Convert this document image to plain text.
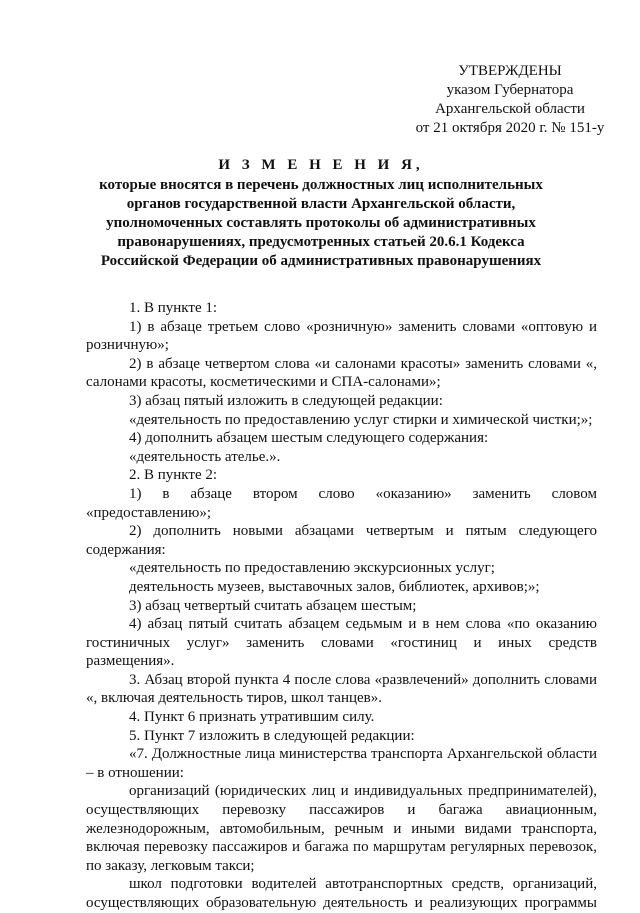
УТВЕРЖДЕНЫ
указом Губернатора
Архангельской области
от 21 октября 2020 г. № 151-у
И З М Е Н Е Н И Я,
которые вносятся в перечень должностных лиц исполнительных
органов государственной власти Архангельской области,
уполномоченных составлять протоколы об административных
правонарушениях, предусмотренных статьей 20.6.1 Кодекса
Российской Федерации об административных правонарушениях

1. В пункте 1:

1) в абзаце третьем слово «розничную» заменить словами «оптовую и розничную»;

2) в абзаце четвертом слова «и салонами красоты» заменить словами «, салонами красоты, косметическими и СПА-салонами»;

3) абзац пятый изложить в следующей редакции:

«деятельность по предоставлению услуг стирки и химической чистки;»;

4) дополнить абзацем шестым следующего содержания:

«деятельность ателье.».

2. В пункте 2:

1) в абзаце втором слово «оказанию» заменить словом «предоставлению»;

2) дополнить новыми абзацами четвертым и пятым следующего содержания:

«деятельность по предоставлению экскурсионных услуг;

деятельность музеев, выставочных залов, библиотек, архивов;»;

3) абзац четвертый считать абзацем шестым;

4) абзац пятый считать абзацем седьмым и в нем слова «по оказанию гостиничных услуг» заменить словами «гостиниц и иных средств размещения».

3. Абзац второй пункта 4 после слова «развлечений» дополнить словами «, включая деятельность тиров, школ танцев».

4. Пункт 6 признать утратившим силу.

5. Пункт 7 изложить в следующей редакции:

«7. Должностные лица министерства транспорта Архангельской области – в отношении:

организаций (юридических лиц и индивидуальных предпринимателей), осуществляющих перевозку пассажиров и багажа авиационным, железнодорожным, автомобильным, речным и иными видами транспорта, включая перевозку пассажиров и багажа по маршрутам регулярных перевозок, по заказу, легковым такси;

школ подготовки водителей автотранспортных средств, организаций, осуществляющих образовательную деятельность и реализующих программы
